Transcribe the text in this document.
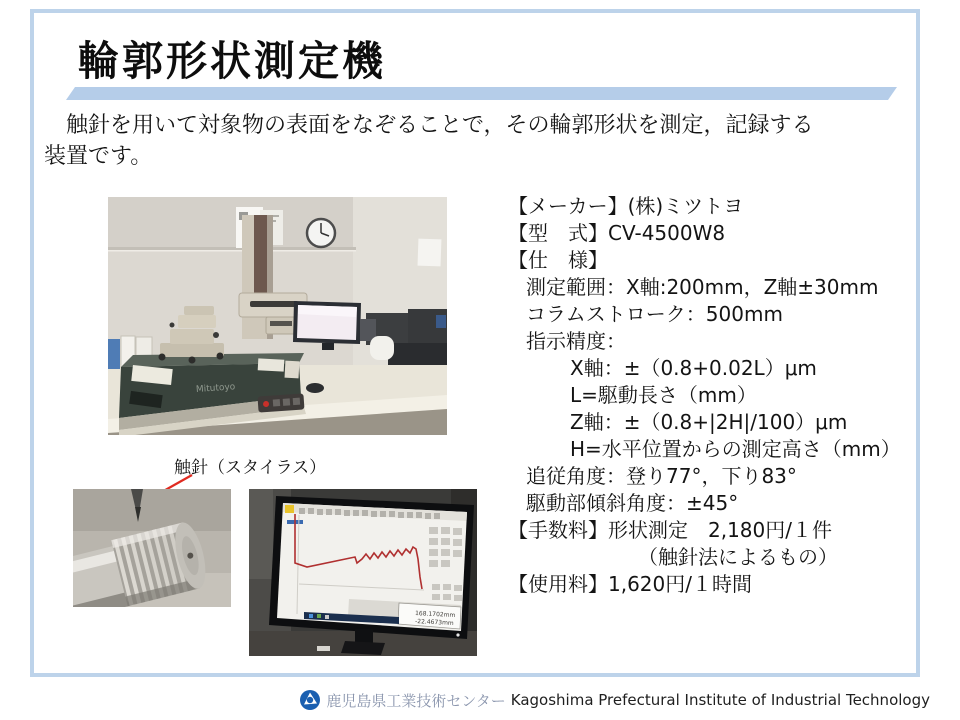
輪郭形状測定機
　触針を用いて対象物の表面をなぞることで，その輪郭形状を測定，記録する
装置です。
Mitutoyo
触針（スタイラス）
168.1702mm
-22.4673mm
【メーカー】(株)ミツトヨ
【型　式】CV-4500W8
【仕　様】
測定範囲：X軸:200mm，Z軸±30mm
コラムストローク：500mm
指示精度：
X軸：±（0.8+0.02L）μm
L=駆動長さ（mm）
Z軸：±（0.8+|2H|/100）μm
H=水平位置からの測定高さ（mm）
追従角度：登り77°，下り83°
駆動部傾斜角度：±45°
【手数料】形状測定　2,180円/１件
（触針法によるもの）
【使用料】1,620円/１時間
鹿児島県工業技術センター Kagoshima Prefectural Institute of Industrial Technology
